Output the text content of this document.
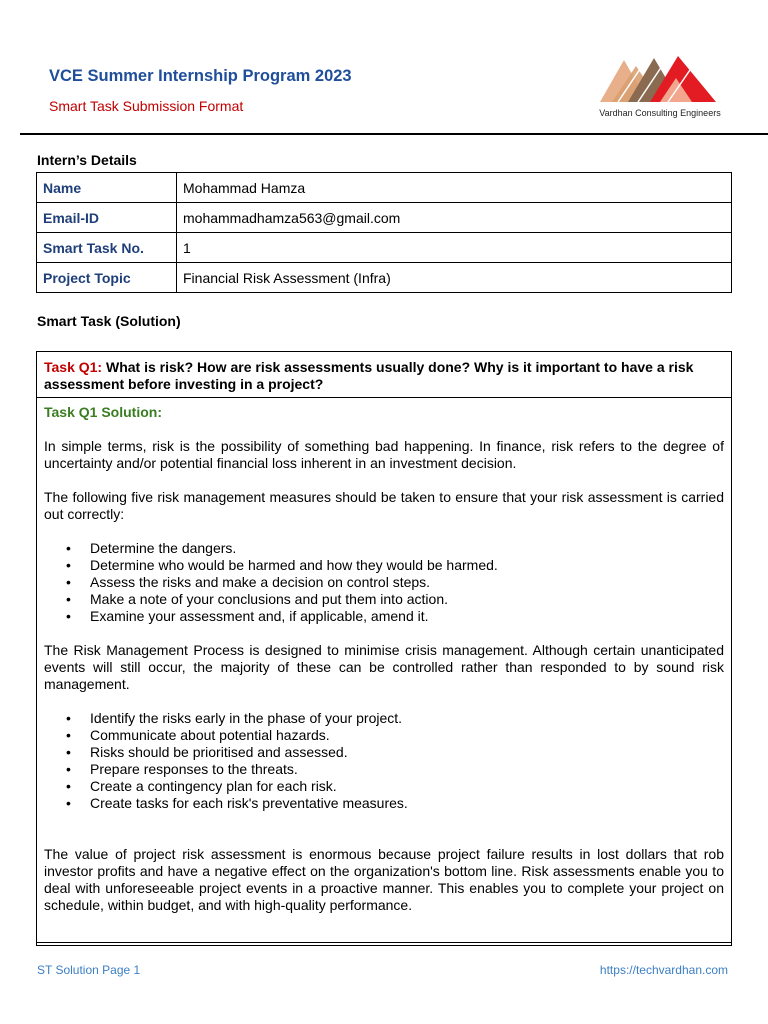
VCE Summer Internship Program 2023
Smart Task Submission Format	Vardhan Consulting Engineers
Intern’s Details
Name	Mohammad Hamza
Email-ID	mohammadhamza563@gmail.com
Smart Task No.	1
Project Topic	Financial Risk Assessment (Infra)
Smart Task (Solution)
Task Q1: What is risk? How are risk assessments usually done? Why is it important to have a risk assessment before investing in a project?
Task Q1 Solution:

In simple terms, risk is the possibility of something bad happening. In finance, risk refers to the degree of uncertainty and/or potential financial loss inherent in an investment decision.

The following five risk management measures should be taken to ensure that your risk assessment is carried out correctly:

• Determine the dangers.
• Determine who would be harmed and how they would be harmed.
• Assess the risks and make a decision on control steps.
• Make a note of your conclusions and put them into action.
• Examine your assessment and, if applicable, amend it.

The Risk Management Process is designed to minimise crisis management. Although certain unanticipated events will still occur, the majority of these can be controlled rather than responded to by sound risk management.

• Identify the risks early in the phase of your project.
• Communicate about potential hazards.
• Risks should be prioritised and assessed.
• Prepare responses to the threats.
• Create a contingency plan for each risk.
• Create tasks for each risk's preventative measures.

The value of project risk assessment is enormous because project failure results in lost dollars that rob investor profits and have a negative effect on the organization's bottom line. Risk assessments enable you to deal with unforeseeable project events in a proactive manner. This enables you to complete your project on schedule, within budget, and with high-quality performance.

ST Solution Page 1	https://techvardhan.com
